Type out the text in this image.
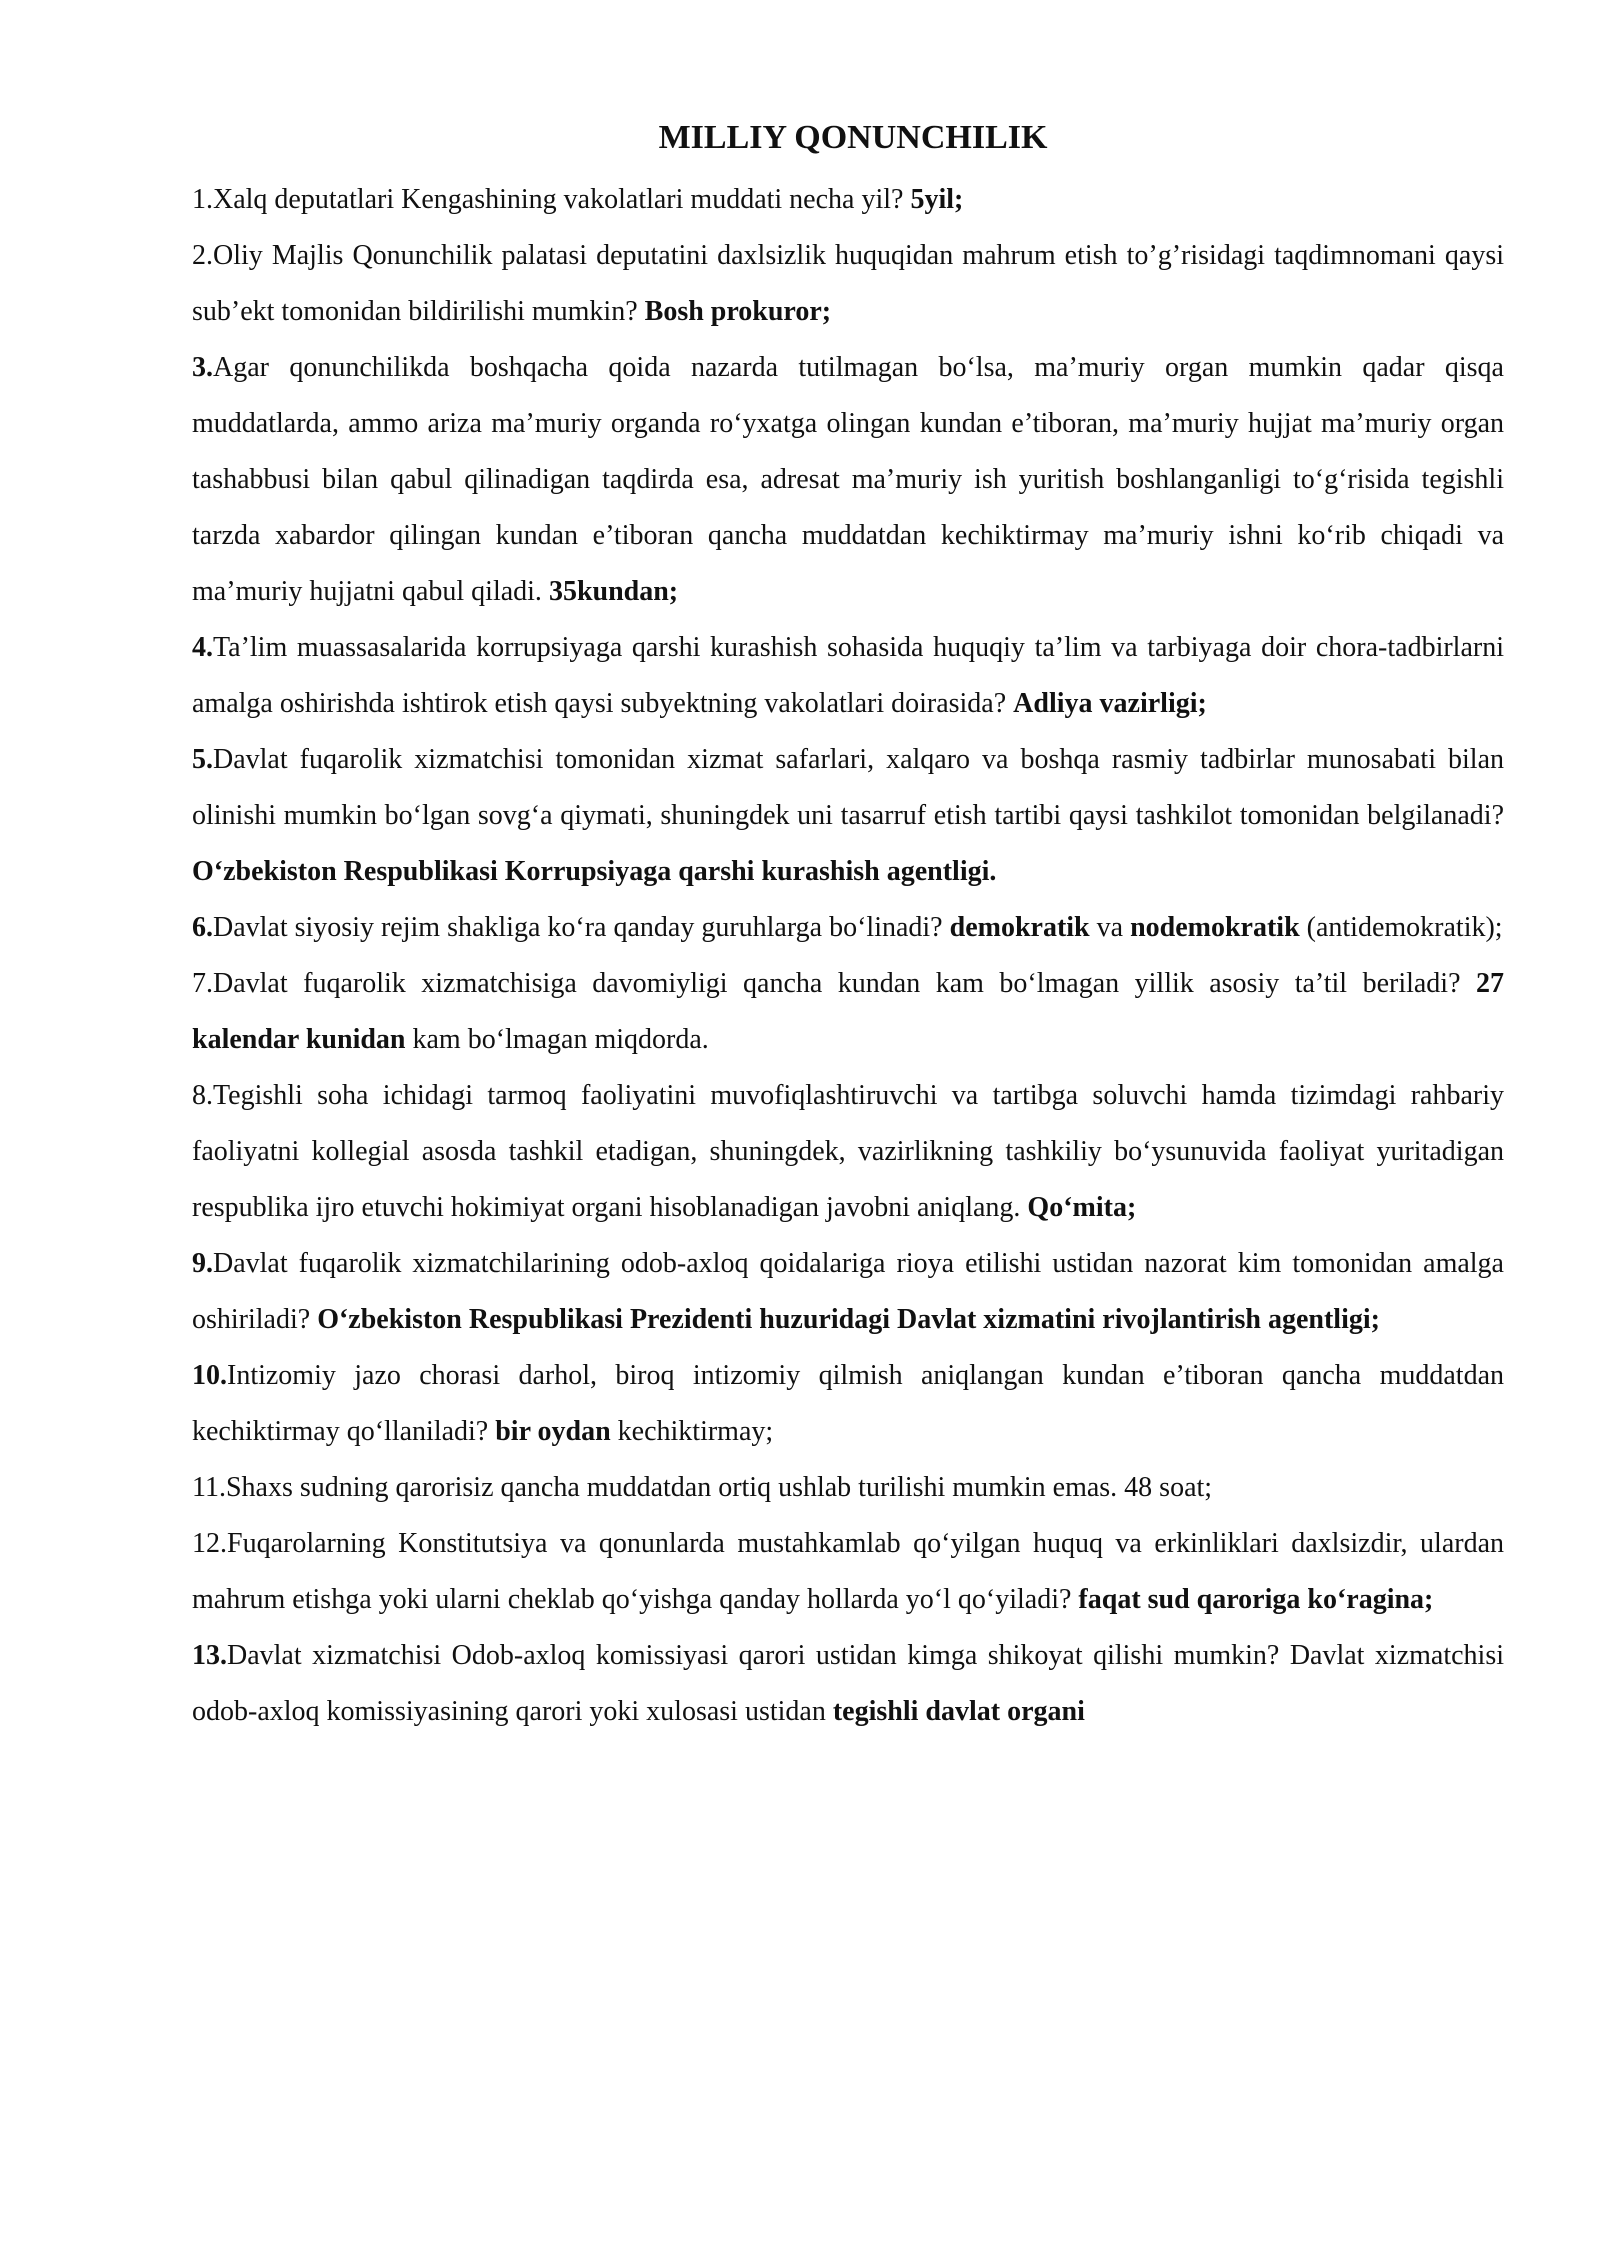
MILLIY QONUNCHILIK

1.Xalq deputatlari Kengashining vakolatlari muddati necha yil? 5yil;

2.Oliy Majlis Qonunchilik palatasi deputatini daxlsizlik huquqidan mahrum etish to’g’risidagi taqdimnomani qaysi sub’ekt tomonidan bildirilishi mumkin? Bosh prokuror;

3.Agar qonunchilikda boshqacha qoida nazarda tutilmagan bo‘lsa, ma’muriy organ mumkin qadar qisqa muddatlarda, ammo ariza ma’muriy organda ro‘yxatga olingan kundan e’tiboran, ma’muriy hujjat ma’muriy organ tashabbusi bilan qabul qilinadigan taqdirda esa, adresat ma’muriy ish yuritish boshlanganligi to‘g‘risida tegishli tarzda xabardor qilingan kundan e’tiboran qancha muddatdan kechiktirmay ma’muriy ishni ko‘rib chiqadi va ma’muriy hujjatni qabul qiladi. 35kundan;

4.Ta’lim muassasalarida korrupsiyaga qarshi kurashish sohasida huquqiy ta’lim va tarbiyaga doir chora-tadbirlarni amalga oshirishda ishtirok etish qaysi subyektning vakolatlari doirasida? Adliya vazirligi;

5.Davlat fuqarolik xizmatchisi tomonidan xizmat safarlari, xalqaro va boshqa rasmiy tadbirlar munosabati bilan olinishi mumkin bo‘lgan sovg‘a qiymati, shuningdek uni tasarruf etish tartibi qaysi tashkilot tomonidan belgilanadi? O‘zbekiston Respublikasi Korrupsiyaga qarshi kurashish agentligi.

6.Davlat siyosiy rejim shakliga ko‘ra qanday guruhlarga bo‘linadi? demokratik va nodemokratik (antidemokratik);

7.Davlat fuqarolik xizmatchisiga davomiyligi qancha kundan kam bo‘lmagan yillik asosiy ta’til beriladi? 27 kalendar kunidan kam bo‘lmagan miqdorda.

8.Tegishli soha ichidagi tarmoq faoliyatini muvofiqlashtiruvchi va tartibga soluvchi hamda tizimdagi rahbariy faoliyatni kollegial asosda tashkil etadigan, shuningdek, vazirlikning tashkiliy bo‘ysunuvida faoliyat yuritadigan respublika ijro etuvchi hokimiyat organi hisoblanadigan javobni aniqlang. Qo‘mita;

9.Davlat fuqarolik xizmatchilarining odob-axloq qoidalariga rioya etilishi ustidan nazorat kim tomonidan amalga oshiriladi? O‘zbekiston Respublikasi Prezidenti huzuridagi Davlat xizmatini rivojlantirish agentligi;

10.Intizomiy jazo chorasi darhol, biroq intizomiy qilmish aniqlangan kundan e’tiboran qancha muddatdan kechiktirmay qo‘llaniladi? bir oydan kechiktirmay;

11.Shaxs sudning qarorisiz qancha muddatdan ortiq ushlab turilishi mumkin emas. 48 soat;

12.Fuqarolarning Konstitutsiya va qonunlarda mustahkamlab qo‘yilgan huquq va erkinliklari daxlsizdir, ulardan mahrum etishga yoki ularni cheklab qo‘yishga qanday hollarda yo‘l qo‘yiladi? faqat sud qaroriga ko‘ragina;

13.Davlat xizmatchisi Odob-axloq komissiyasi qarori ustidan kimga shikoyat qilishi mumkin? Davlat xizmatchisi odob-axloq komissiyasining qarori yoki xulosasi ustidan tegishli davlat organi
